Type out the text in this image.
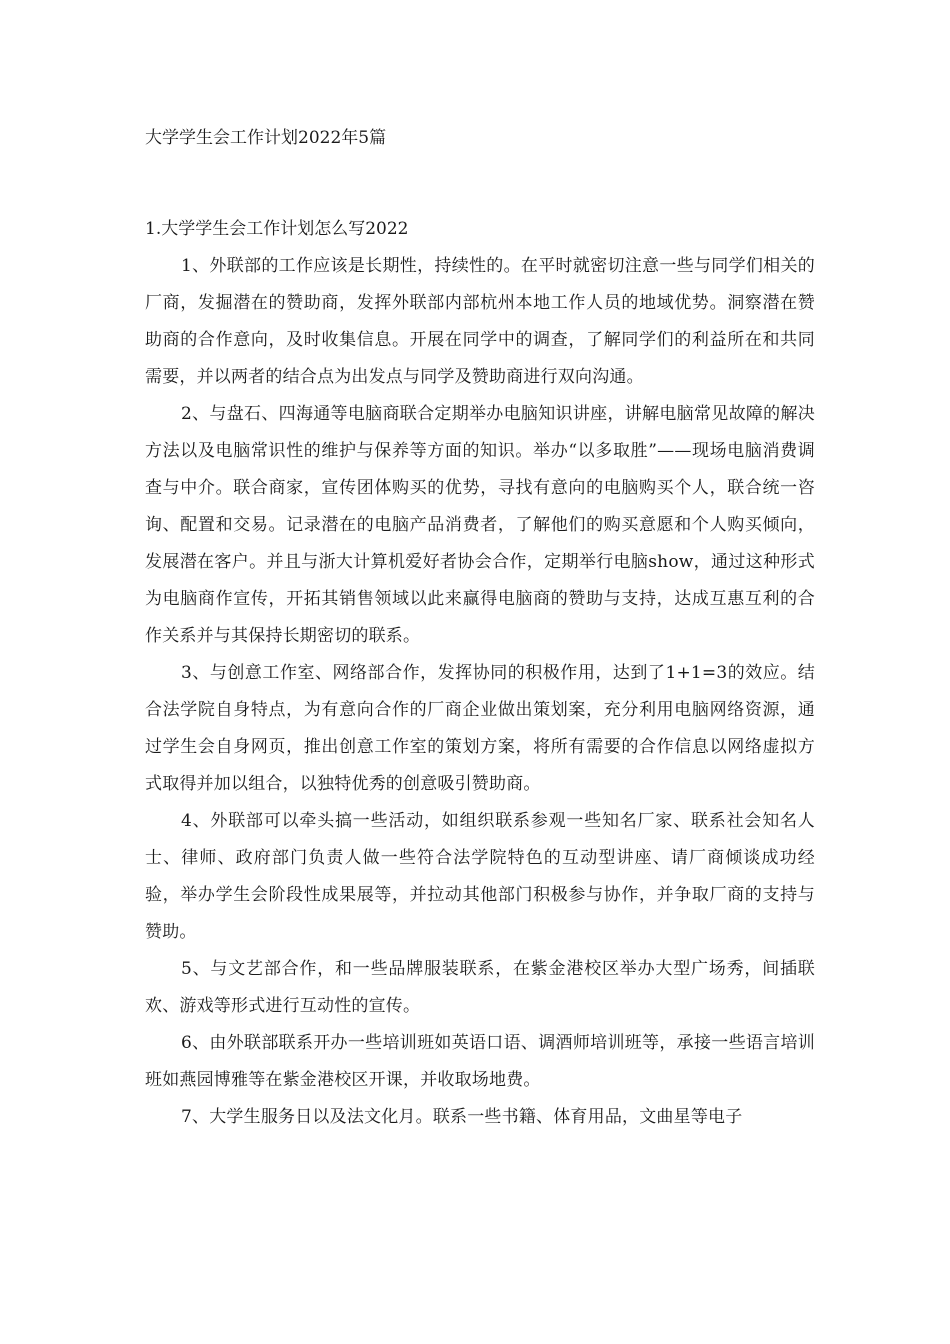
大学学生会工作计划2022年5篇
1.大学学生会工作计划怎么写2022

1、外联部的工作应该是长期性，持续性的。在平时就密切注意一些与同学们相关的厂商，发掘潜在的赞助商，发挥外联部内部杭州本地工作人员的地域优势。洞察潜在赞助商的合作意向，及时收集信息。开展在同学中的调查，了解同学们的利益所在和共同需要，并以两者的结合点为出发点与同学及赞助商进行双向沟通。

2、与盘石、四海通等电脑商联合定期举办电脑知识讲座，讲解电脑常见故障的解决方法以及电脑常识性的维护与保养等方面的知识。举办“以多取胜”——现场电脑消费调查与中介。联合商家，宣传团体购买的优势，寻找有意向的电脑购买个人，联合统一咨询、配置和交易。记录潜在的电脑产品消费者，了解他们的购买意愿和个人购买倾向，发展潜在客户。并且与浙大计算机爱好者协会合作，定期举行电脑show，通过这种形式为电脑商作宣传，开拓其销售领域以此来赢得电脑商的赞助与支持，达成互惠互利的合作关系并与其保持长期密切的联系。

3、与创意工作室、网络部合作，发挥协同的积极作用，达到了1+1=3的效应。结合法学院自身特点，为有意向合作的厂商企业做出策划案，充分利用电脑网络资源，通过学生会自身网页，推出创意工作室的策划方案，将所有需要的合作信息以网络虚拟方式取得并加以组合，以独特优秀的创意吸引赞助商。

4、外联部可以牵头搞一些活动，如组织联系参观一些知名厂家、联系社会知名人士、律师、政府部门负责人做一些符合法学院特色的互动型讲座、请厂商倾谈成功经验，举办学生会阶段性成果展等，并拉动其他部门积极参与协作，并争取厂商的支持与赞助。

5、与文艺部合作，和一些品牌服装联系，在紫金港校区举办大型广场秀，间插联欢、游戏等形式进行互动性的宣传。

6、由外联部联系开办一些培训班如英语口语、调酒师培训班等，承接一些语言培训班如燕园博雅等在紫金港校区开课，并收取场地费。

7、大学生服务日以及法文化月。联系一些书籍、体育用品，文曲星等电子
